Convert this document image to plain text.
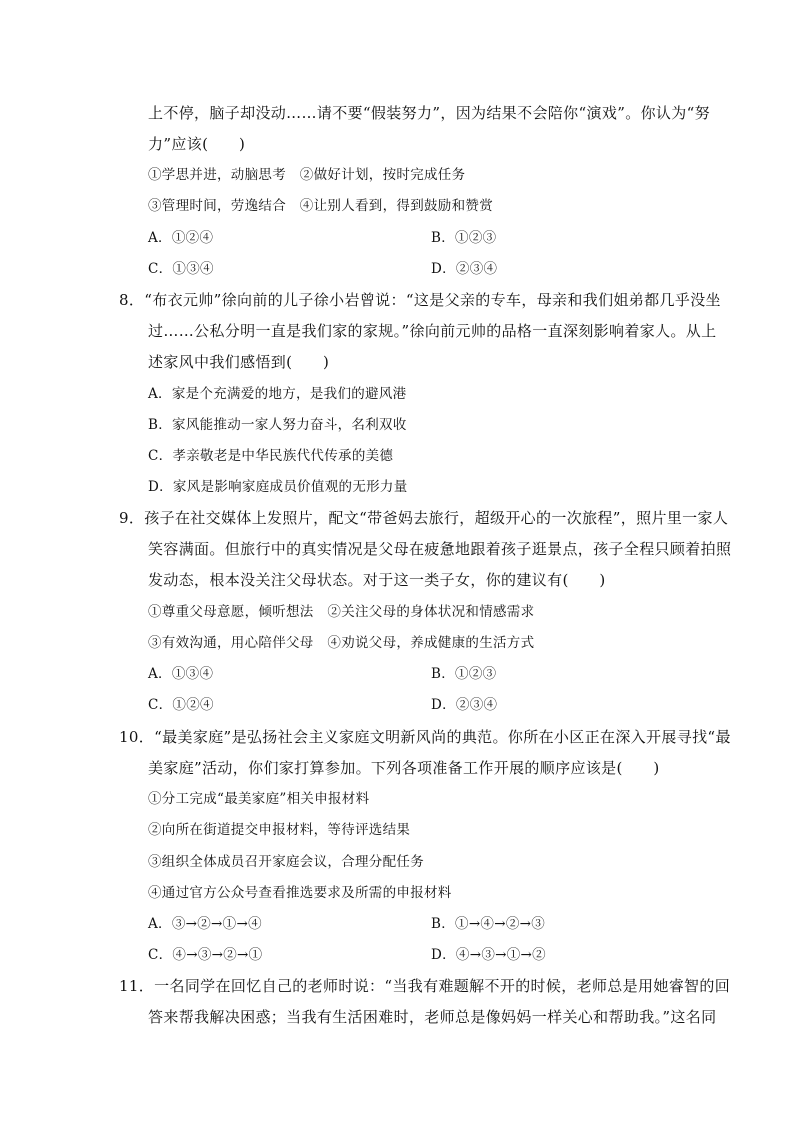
上不停，脑子却没动……请不要“假装努力”，因为结果不会陪你“演戏”。你认为“努
力”应该(　　)
①学思并进，动脑思考　②做好计划，按时完成任务
③管理时间，劳逸结合　④让别人看到，得到鼓励和赞赏
A．①②④	B．①②③
C．①③④	D．②③④
8．“布衣元帅”徐向前的儿子徐小岩曾说：“这是父亲的专车，母亲和我们姐弟都几乎没坐
过……公私分明一直是我们家的家规。”徐向前元帅的品格一直深刻影响着家人。从上
述家风中我们感悟到(　　)
A．家是个充满爱的地方，是我们的避风港
B．家风能推动一家人努力奋斗，名利双收
C．孝亲敬老是中华民族代代传承的美德
D．家风是影响家庭成员价值观的无形力量
9．孩子在社交媒体上发照片，配文“带爸妈去旅行，超级开心的一次旅程”，照片里一家人
笑容满面。但旅行中的真实情况是父母在疲惫地跟着孩子逛景点，孩子全程只顾着拍照
发动态，根本没关注父母状态。对于这一类子女，你的建议有(　　)
①尊重父母意愿，倾听想法　②关注父母的身体状况和情感需求
③有效沟通，用心陪伴父母　④劝说父母，养成健康的生活方式
A．①③④	B．①②③
C．①②④	D．②③④
10．“最美家庭”是弘扬社会主义家庭文明新风尚的典范。你所在小区正在深入开展寻找“最
美家庭”活动，你们家打算参加。下列各项准备工作开展的顺序应该是(　　)
①分工完成“最美家庭”相关申报材料
②向所在街道提交申报材料，等待评选结果
③组织全体成员召开家庭会议，合理分配任务
④通过官方公众号查看推选要求及所需的申报材料
A．③→②→①→④	B．①→④→②→③
C．④→③→②→①	D．④→③→①→②
11．一名同学在回忆自己的老师时说：“当我有难题解不开的时候，老师总是用她睿智的回
答来帮我解决困惑；当我有生活困难时，老师总是像妈妈一样关心和帮助我。”这名同
